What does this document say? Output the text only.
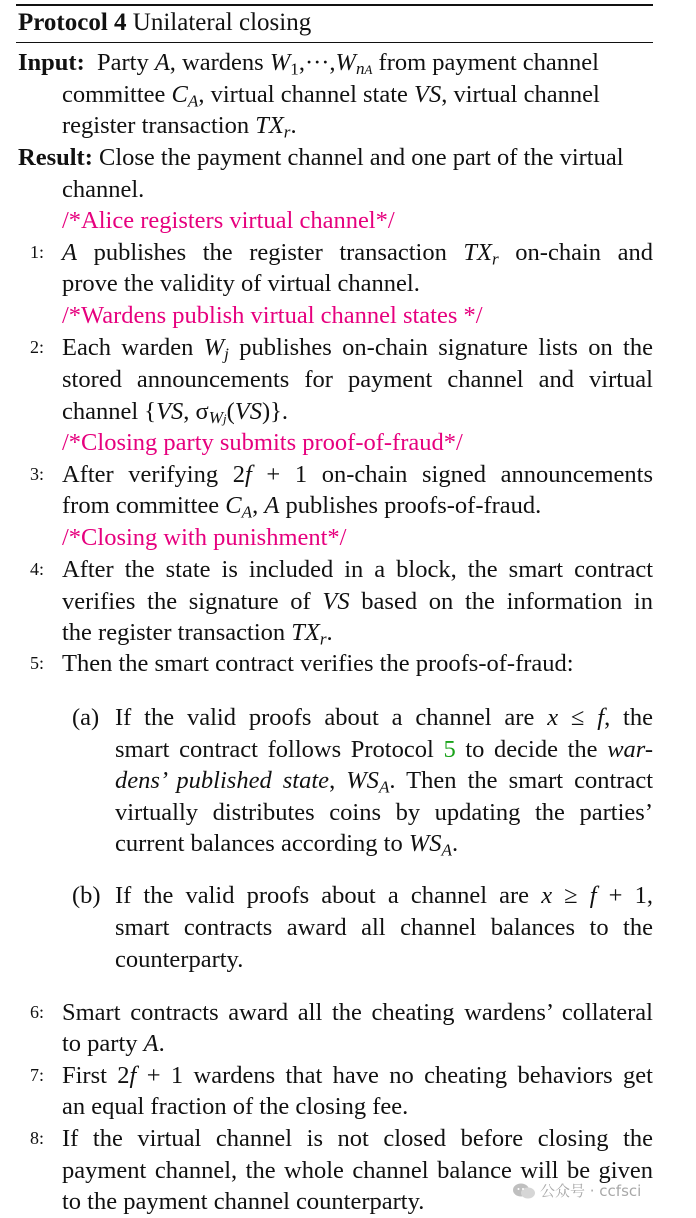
Protocol 4 Unilateral closing
Input:  Party A, wardens W1,···,WnA from payment channel
committee CA, virtual channel state VS, virtual channel
register transaction TXr.
Result: Close the payment channel and one part of the virtual
channel.
/*Alice registers virtual channel*/
1: A publishes the register transaction TXr on-chain and
prove the validity of virtual channel.
/*Wardens publish virtual channel states */
2: Each warden Wj publishes on-chain signature lists on the
stored announcements for payment channel and virtual
channel {VS, σWj(VS)}.
/*Closing party submits proof-of-fraud*/
3: After verifying 2f + 1 on-chain signed announcements
from committee CA, A publishes proofs-of-fraud.
/*Closing with punishment*/
4: After the state is included in a block, the smart contract
verifies the signature of VS based on the information in
the register transaction TXr.
5: Then the smart contract verifies the proofs-of-fraud:
(a) If the valid proofs about a channel are x ≤ f, the
smart contract follows Protocol 5 to decide the war-
dens’ published state, WSA. Then the smart contract
virtually distributes coins by updating the parties’
current balances according to WSA.
(b) If the valid proofs about a channel are x ≥ f + 1,
smart contracts award all channel balances to the
counterparty.
6: Smart contracts award all the cheating wardens’ collateral
to party A.
7: First 2f + 1 wardens that have no cheating behaviors get
an equal fraction of the closing fee.
8: If the virtual channel is not closed before closing the
payment channel, the whole channel balance will be given
to the payment channel counterparty.	公众号 · ccfsci
